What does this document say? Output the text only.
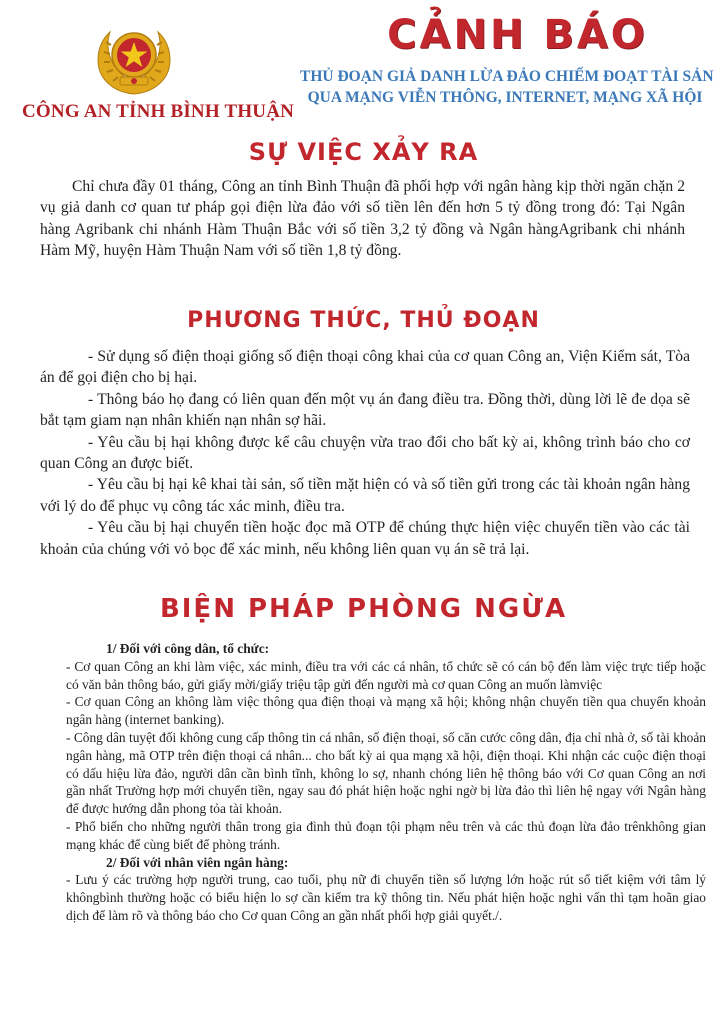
CÔNG AN TỈNH BÌNH THUẬN
CẢNH BÁO
THỦ ĐOẠN GIẢ DANH LỪA ĐẢO CHIẾM ĐOẠT TÀI SẢN
QUA MẠNG VIỄN THÔNG, INTERNET, MẠNG XÃ HỘI
SỰ VIỆC XẢY RA

Chỉ chưa đầy 01 tháng, Công an tỉnh Bình Thuận đã phối hợp với ngân hàng kịp thời ngăn chặn 2 vụ giả danh cơ quan tư pháp gọi điện lừa đảo với số tiền lên đến hơn 5 tỷ đồng trong đó: Tại Ngân hàng Agribank chi nhánh Hàm Thuận Bắc với số tiền 3,2 tỷ đồng và Ngân hàngAgribank chi nhánh Hàm Mỹ, huyện Hàm Thuận Nam với số tiền 1,8 tỷ đồng.

PHƯƠNG THỨC, THỦ ĐOẠN

- Sử dụng số điện thoại giống số điện thoại công khai của cơ quan Công an, Viện Kiểm sát, Tòa án để gọi điện cho bị hại.

- Thông báo họ đang có liên quan đến một vụ án đang điều tra. Đồng thời, dùng lời lẽ đe dọa sẽ bắt tạm giam nạn nhân khiến nạn nhân sợ hãi.

- Yêu cầu bị hại không được kể câu chuyện vừa trao đổi cho bất kỳ ai, không trình báo cho cơ quan Công an được biết.

- Yêu cầu bị hại kê khai tài sản, số tiền mặt hiện có và số tiền gửi trong các tài khoản ngân hàng với lý do để phục vụ công tác xác minh, điều tra.

- Yêu cầu bị hại chuyển tiền hoặc đọc mã OTP để chúng thực hiện việc chuyển tiền vào các tài khoản của chúng với vỏ bọc để xác minh, nếu không liên quan vụ án sẽ trả lại.

BIỆN PHÁP PHÒNG NGỪA

1/ Đối với công dân, tổ chức:

- Cơ quan Công an khi làm việc, xác minh, điều tra với các cá nhân, tổ chức sẽ có cán bộ đến làm việc trực tiếp hoặc có văn bản thông báo, gửi giấy mời/giấy triệu tập gửi đến người mà cơ quan Công an muốn làmviệc

- Cơ quan Công an không làm việc thông qua điện thoại và mạng xã hội; không nhận chuyển tiền qua chuyển khoản ngân hàng (internet banking).

- Công dân tuyệt đối không cung cấp thông tin cá nhân, số điện thoại, số căn cước công dân, địa chỉ nhà ở, số tài khoản ngân hàng, mã OTP trên điện thoại cá nhân... cho bất kỳ ai qua mạng xã hội, điện thoại. Khi nhận các cuộc điện thoại có dấu hiệu lừa đảo, người dân cần bình tĩnh, không lo sợ, nhanh chóng liên hệ thông báo với Cơ quan Công an nơi gần nhất Trường hợp mới chuyển tiền, ngay sau đó phát hiện hoặc nghi ngờ bị lừa đảo thì liên hệ ngay với Ngân hàng để được hướng dẫn phong tỏa tài khoản.

- Phổ biến cho những người thân trong gia đình thủ đoạn tội phạm nêu trên và các thủ đoạn lừa đảo trênkhông gian mạng khác để cùng biết để phòng tránh.

2/ Đối với nhân viên ngân hàng:

- Lưu ý các trường hợp người trung, cao tuổi, phụ nữ đi chuyển tiền số lượng lớn hoặc rút sổ tiết kiệm với tâm lý khôngbình thường hoặc có biểu hiện lo sợ cần kiểm tra kỹ thông tin. Nếu phát hiện hoặc nghi vấn thì tạm hoãn giao dịch để làm rõ và thông báo cho Cơ quan Công an gần nhất phối hợp giải quyết./.
